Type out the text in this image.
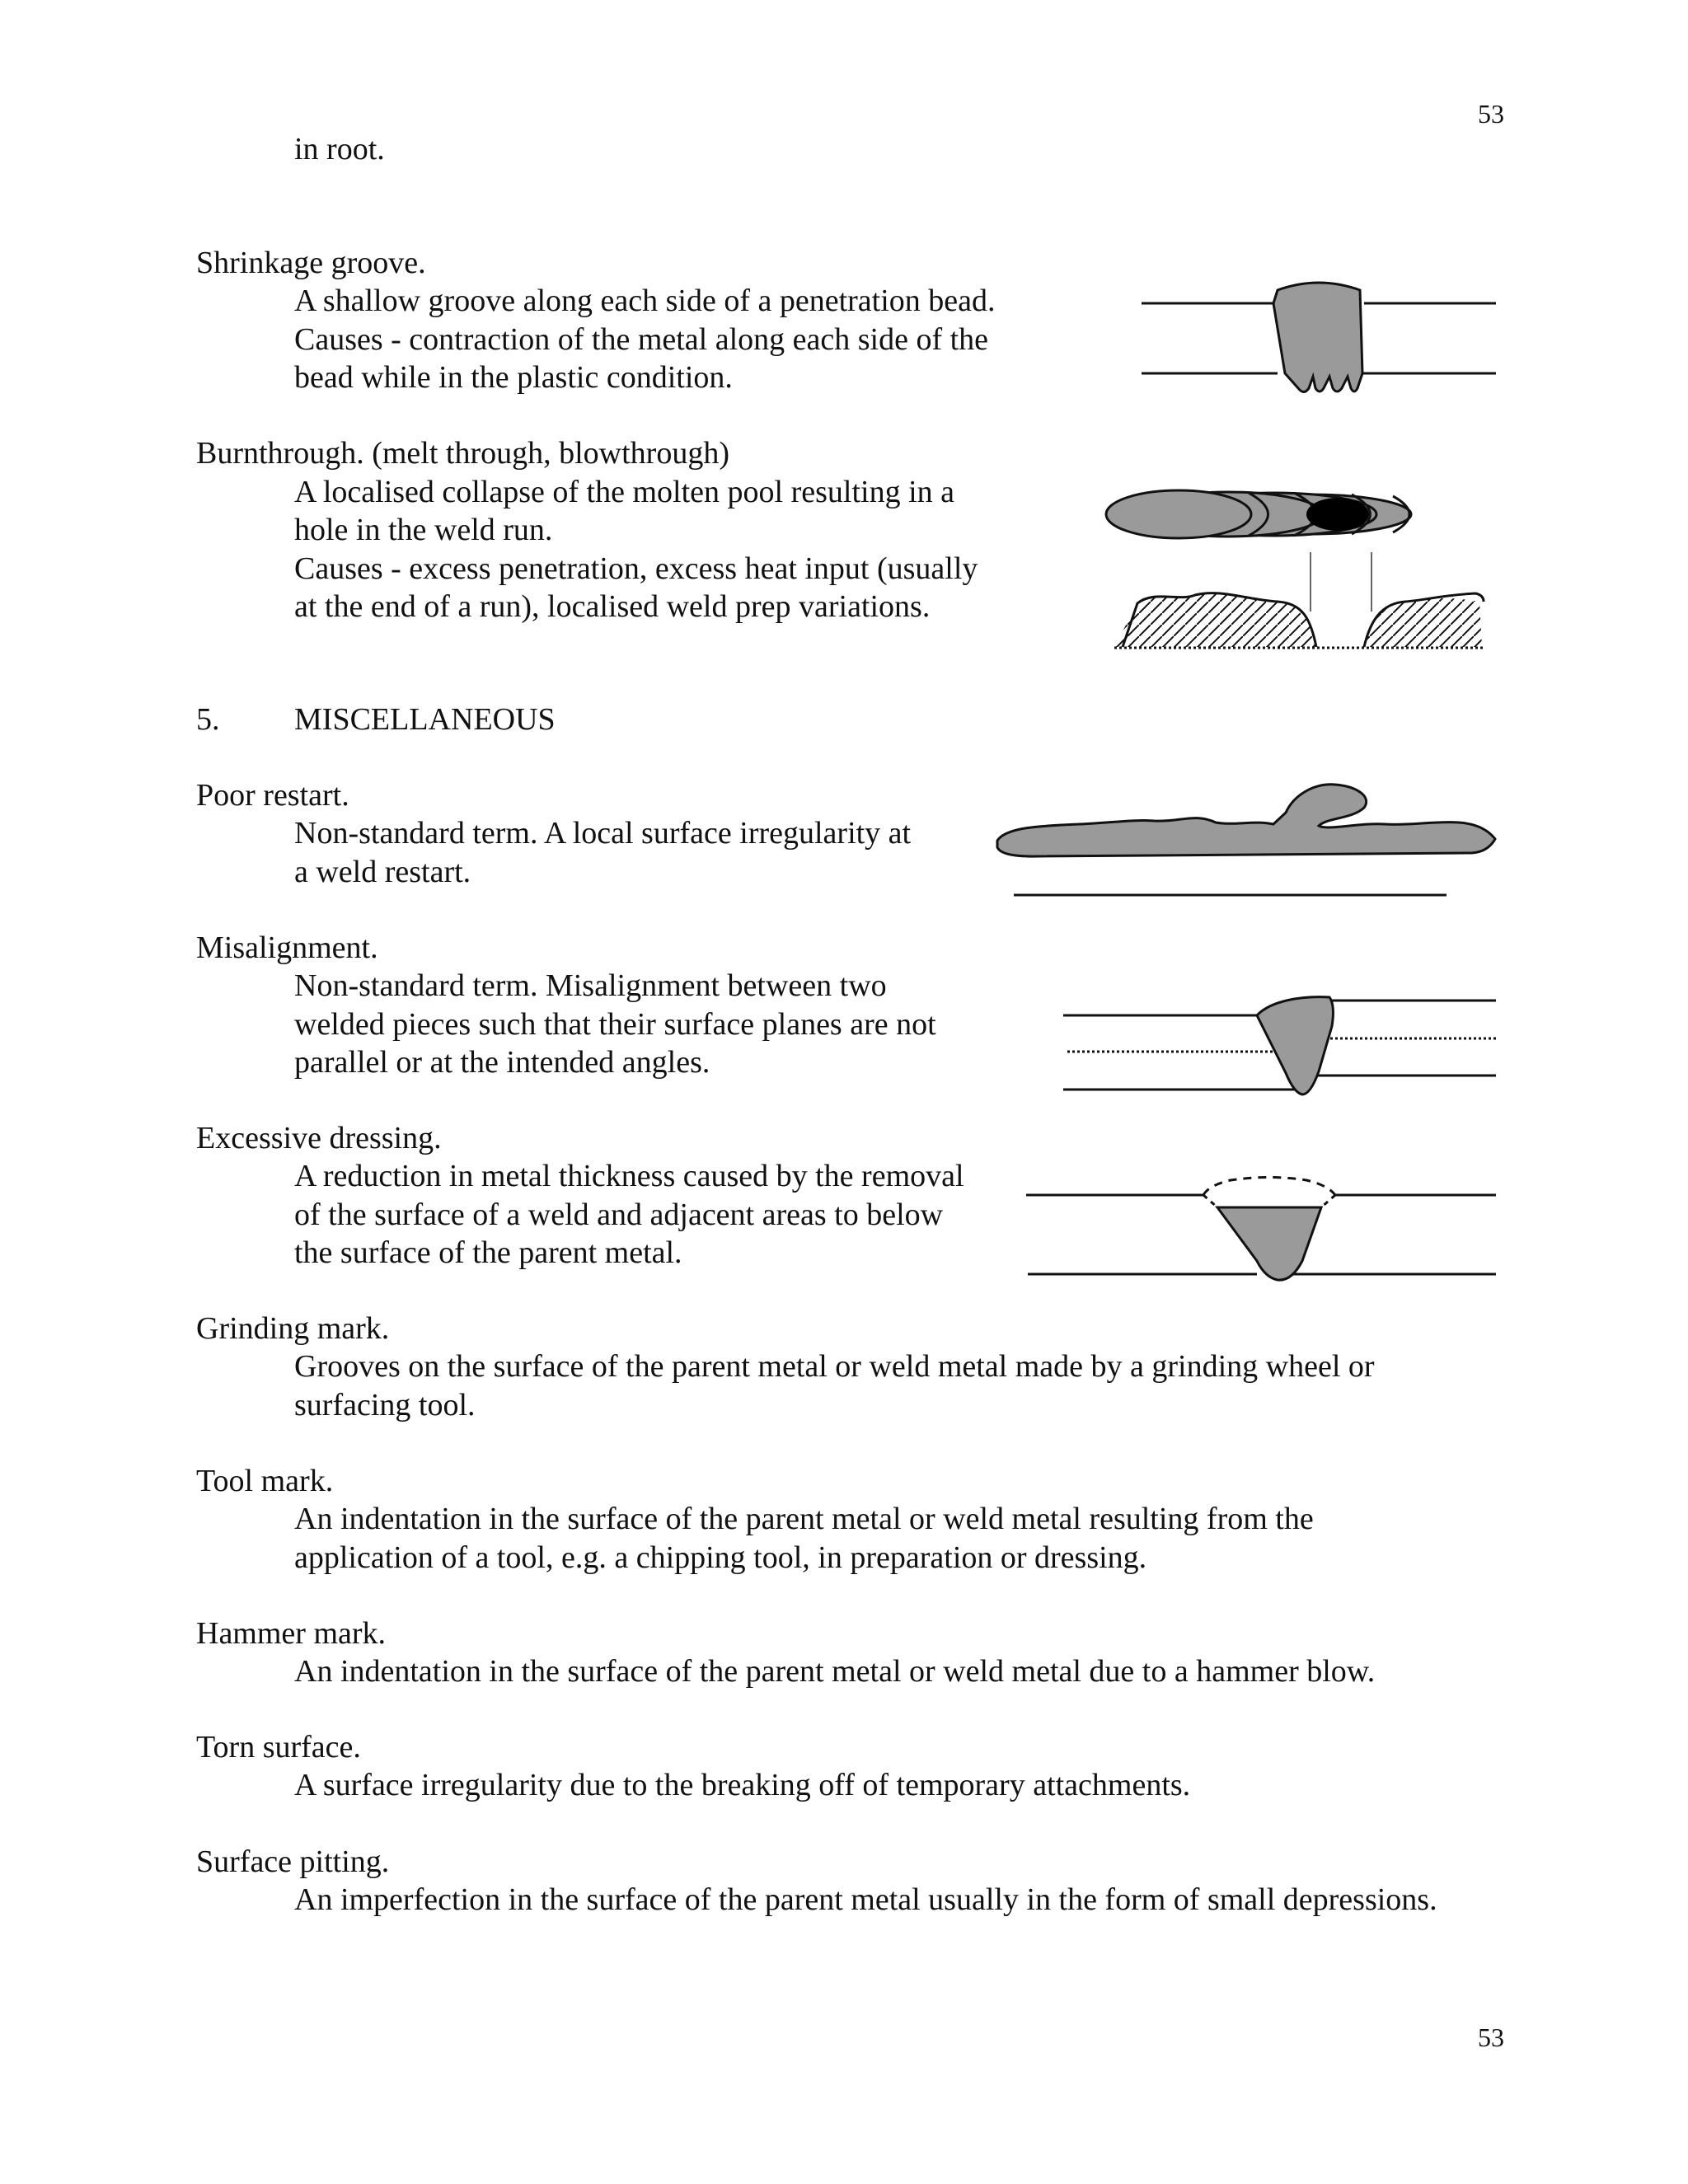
53
53
in root.
Shrinkage groove.
A shallow groove along each side of a penetration bead.
Causes - contraction of the metal along each side of the
bead while in the plastic condition.
Burnthrough. (melt through, blowthrough)
A localised collapse of the molten pool resulting in a
hole in the weld run.
Causes - excess penetration, excess heat input (usually
at the end of a run), localised weld prep variations.
5. MISCELLANEOUS
Poor restart.
Non-standard term. A local surface irregularity at
a weld restart.
Misalignment.
Non-standard term. Misalignment between two
welded pieces such that their surface planes are not
parallel or at the intended angles.
Excessive dressing.
A reduction in metal thickness caused by the removal
of the surface of a weld and adjacent areas to below
the surface of the parent metal.
Grinding mark.
Grooves on the surface of the parent metal or weld metal made by a grinding wheel or
surfacing tool.
Tool mark.
An indentation in the surface of the parent metal or weld metal resulting from the
application of a tool, e.g. a chipping tool, in preparation or dressing.
Hammer mark.
An indentation in the surface of the parent metal or weld metal due to a hammer blow.
Torn surface.
A surface irregularity due to the breaking off of temporary attachments.
Surface pitting.
An imperfection in the surface of the parent metal usually in the form of small depressions.
